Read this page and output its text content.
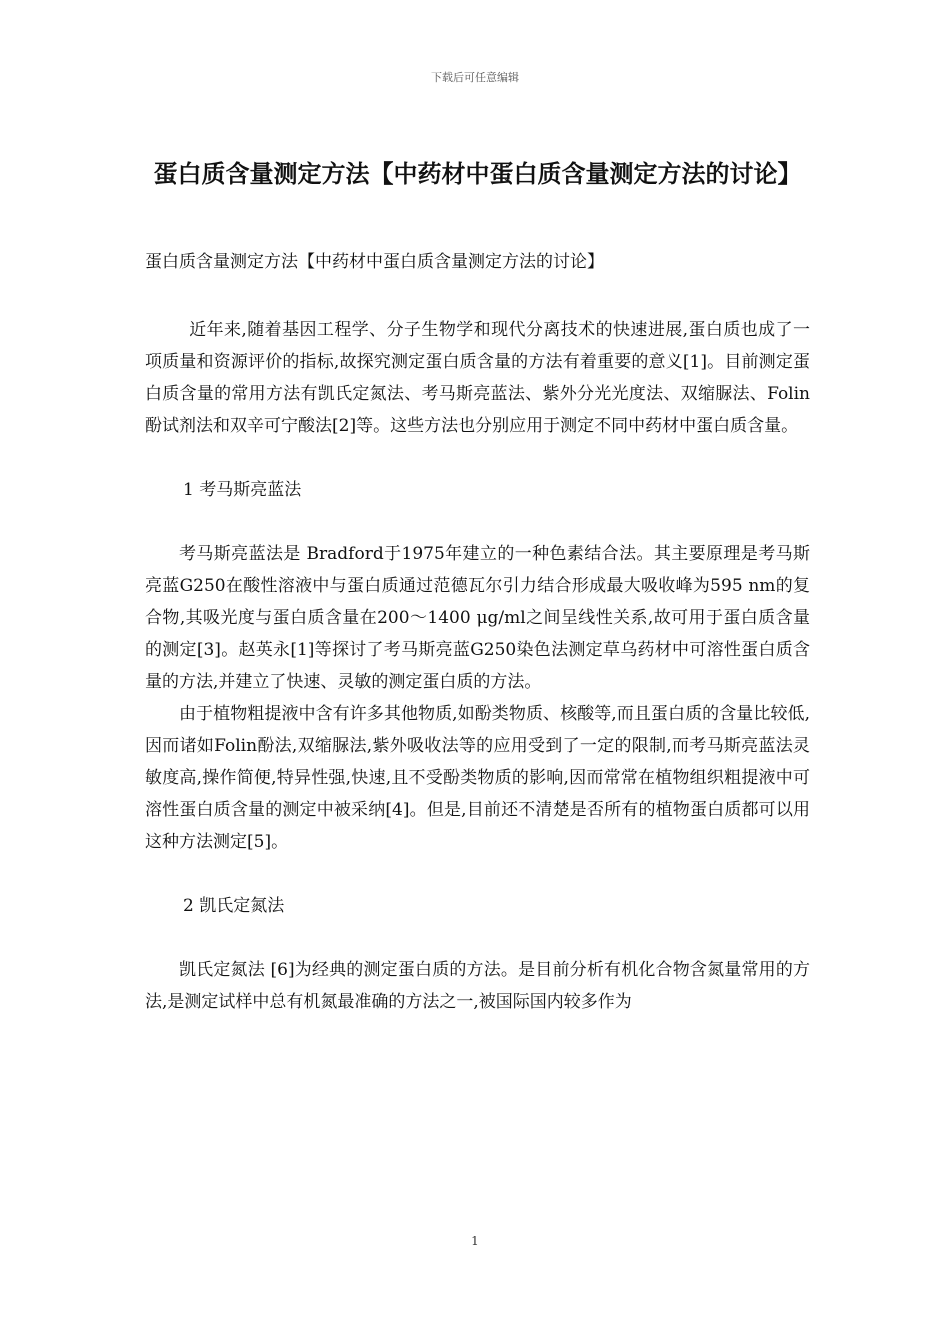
下载后可任意编辑
蛋白质含量测定方法【中药材中蛋白质含量测定方法的讨论】

蛋白质含量测定方法【中药材中蛋白质含量测定方法的讨论】

近年来,随着基因工程学、分子生物学和现代分离技术的快速进展,蛋白质也成了一项质量和资源评价的指标,故探究测定蛋白质含量的方法有着重要的意义[1]。目前测定蛋白质含量的常用方法有凯氏定氮法、考马斯亮蓝法、紫外分光光度法、双缩脲法、Folin酚试剂法和双辛可宁酸法[2]等。这些方法也分别应用于测定不同中药材中蛋白质含量。

1 考马斯亮蓝法

考马斯亮蓝法是 Bradford于1975年建立的一种色素结合法。其主要原理是考马斯亮蓝G250在酸性溶液中与蛋白质通过范德瓦尔引力结合形成最大吸收峰为595 nm的复合物,其吸光度与蛋白质含量在200～1400 μg/ml之间呈线性关系,故可用于蛋白质含量的测定[3]。赵英永[1]等探讨了考马斯亮蓝G250染色法测定草乌药材中可溶性蛋白质含量的方法,并建立了快速、灵敏的测定蛋白质的方法。

由于植物粗提液中含有许多其他物质,如酚类物质、核酸等,而且蛋白质的含量比较低,因而诸如Folin酚法,双缩脲法,紫外吸收法等的应用受到了一定的限制,而考马斯亮蓝法灵敏度高,操作简便,特异性强,快速,且不受酚类物质的影响,因而常常在植物组织粗提液中可溶性蛋白质含量的测定中被采纳[4]。但是,目前还不清楚是否所有的植物蛋白质都可以用这种方法测定[5]。

2 凯氏定氮法

凯氏定氮法 [6]为经典的测定蛋白质的方法。是目前分析有机化合物含氮量常用的方法,是测定试样中总有机氮最准确的方法之一,被国际国内较多作为

1
